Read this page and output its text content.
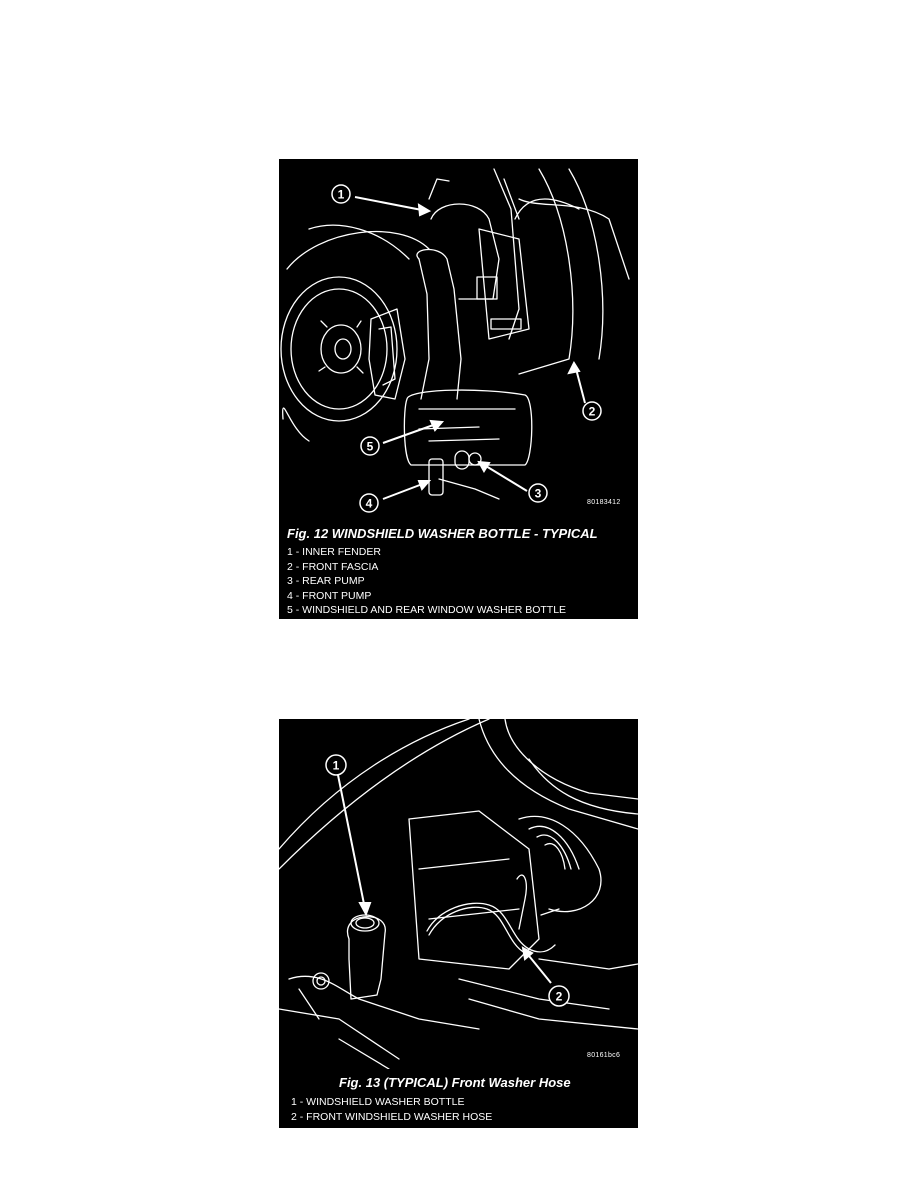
1
2
3
4
5
80183412
Fig. 12 WINDSHIELD WASHER BOTTLE - TYPICAL
1 - INNER FENDER
2 - FRONT FASCIA
3 - REAR PUMP
4 - FRONT PUMP
5 - WINDSHIELD AND REAR WINDOW WASHER BOTTLE
1
2
80161bc6
Fig. 13 (TYPICAL) Front Washer Hose
1 - WINDSHIELD WASHER BOTTLE
2 - FRONT WINDSHIELD WASHER HOSE
